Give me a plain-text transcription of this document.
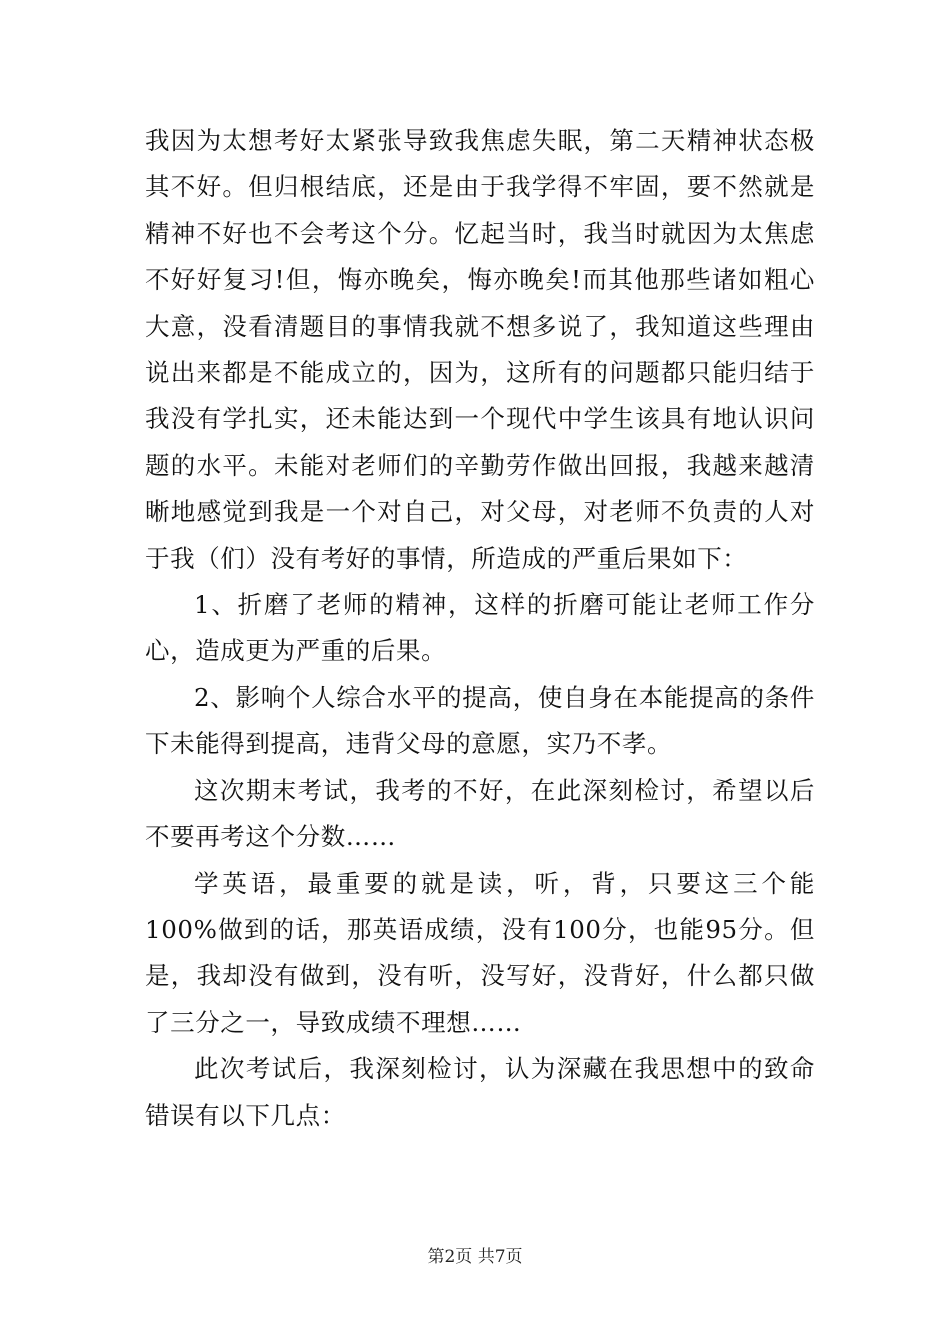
我因为太想考好太紧张导致我焦虑失眠，第二天精神状态极其不好。但归根结底，还是由于我学得不牢固，要不然就是精神不好也不会考这个分。忆起当时，我当时就因为太焦虑不好好复习!但，悔亦晚矣，悔亦晚矣!而其他那些诸如粗心大意，没看清题目的事情我就不想多说了，我知道这些理由说出来都是不能成立的，因为，这所有的问题都只能归结于我没有学扎实，还未能达到一个现代中学生该具有地认识问题的水平。未能对老师们的辛勤劳作做出回报，我越来越清晰地感觉到我是一个对自己，对父母，对老师不负责的人对于我（们）没有考好的事情，所造成的严重后果如下：

1、折磨了老师的精神，这样的折磨可能让老师工作分心，造成更为严重的后果。

2、影响个人综合水平的提高，使自身在本能提高的条件下未能得到提高，违背父母的意愿，实乃不孝。

这次期末考试，我考的不好，在此深刻检讨，希望以后不要再考这个分数……

学英语，最重要的就是读，听，背，只要这三个能100%做到的话，那英语成绩，没有100分，也能95分。但是，我却没有做到，没有听，没写好，没背好，什么都只做了三分之一，导致成绩不理想……

此次考试后，我深刻检讨，认为深藏在我思想中的致命错误有以下几点：

第2页 共7页
